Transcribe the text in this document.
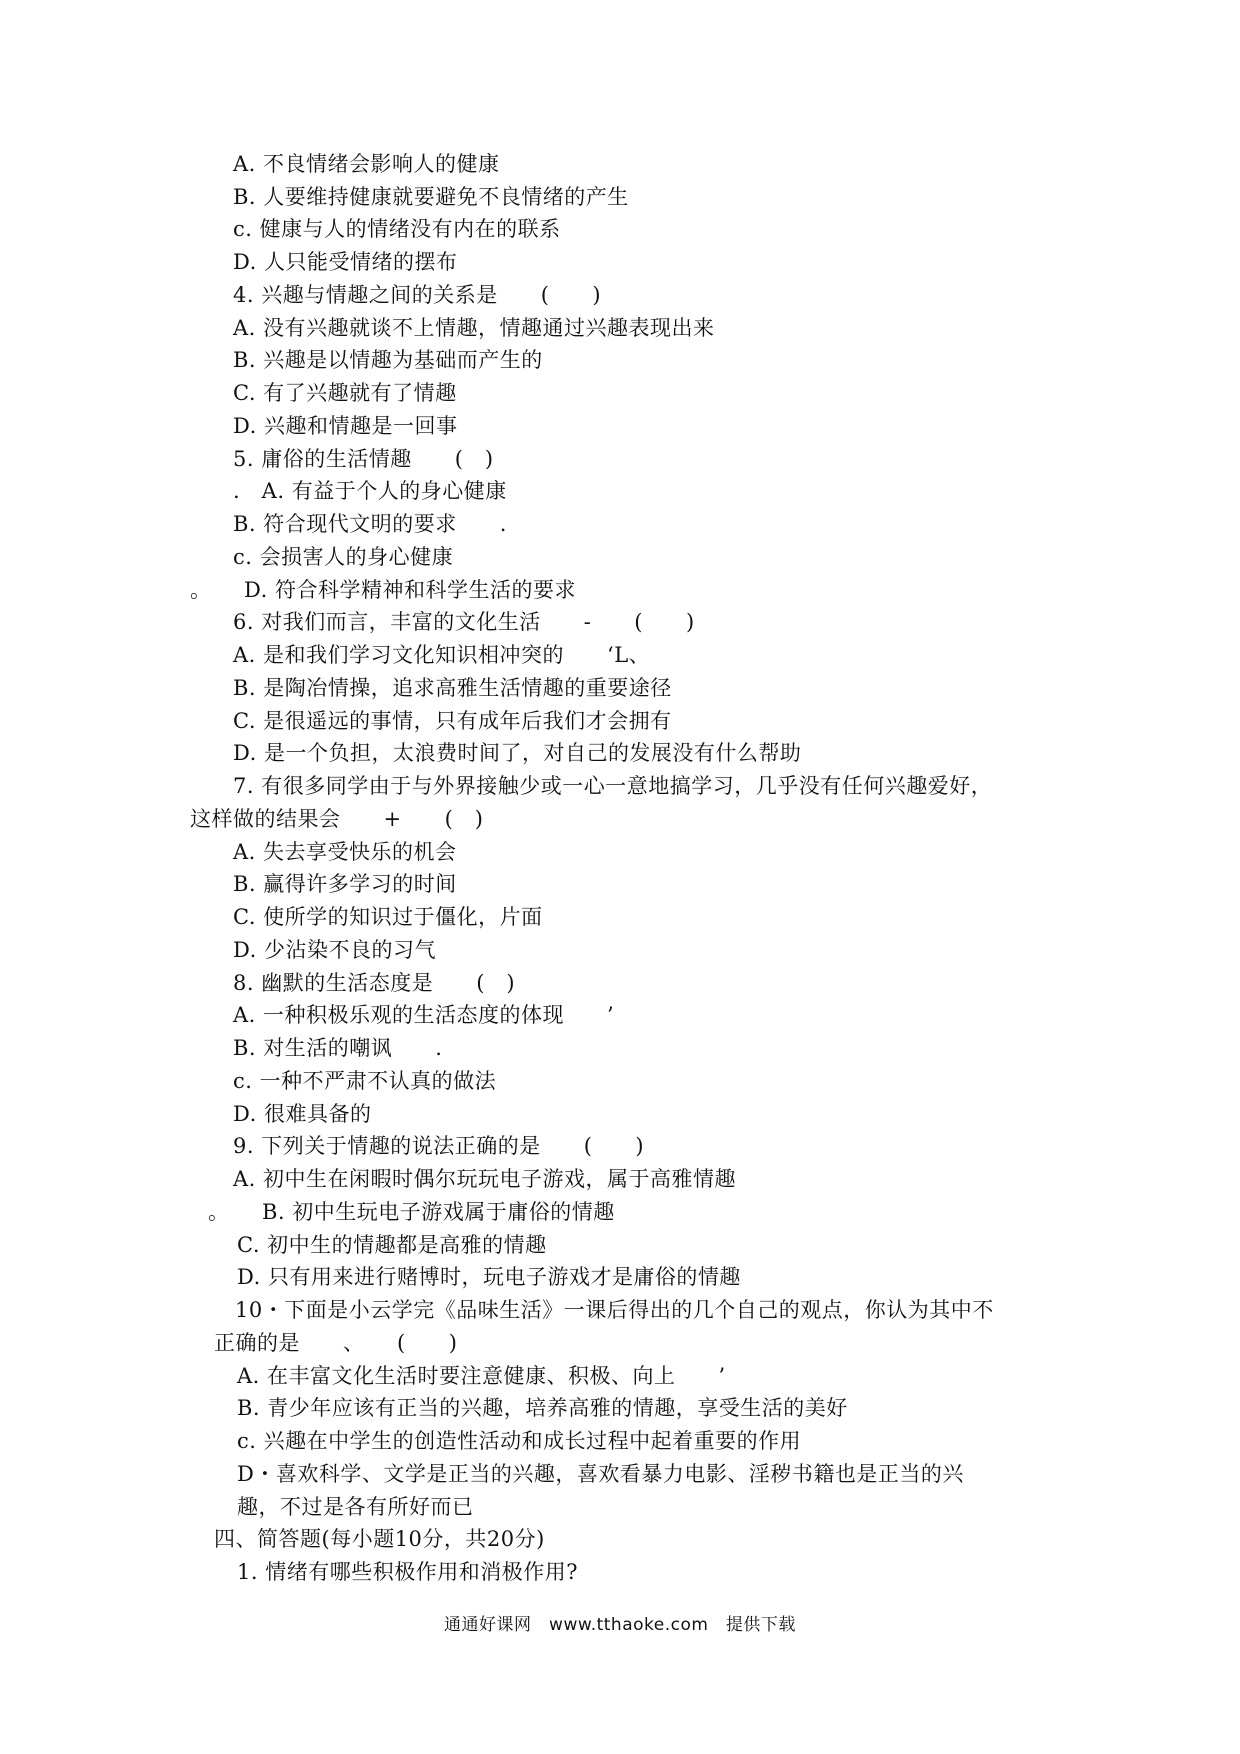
A. 不良情绪会影响人的健康
B. 人要维持健康就要避免不良情绪的产生
c. 健康与人的情绪没有内在的联系
D. 人只能受情绪的摆布
4. 兴趣与情趣之间的关系是　　(　　)
A. 没有兴趣就谈不上情趣，情趣通过兴趣表现出来
B. 兴趣是以情趣为基础而产生的
C. 有了兴趣就有了情趣
D. 兴趣和情趣是一回事
5. 庸俗的生活情趣　　(　)
.　A. 有益于个人的身心健康
B. 符合现代文明的要求　　.
c. 会损害人的身心健康
。　　D. 符合科学精神和科学生活的要求
6. 对我们而言，丰富的文化生活　　-　　(　　)
A. 是和我们学习文化知识相冲突的　　‘L、
B. 是陶冶情操，追求高雅生活情趣的重要途径
C. 是很遥远的事情，只有成年后我们才会拥有
D. 是一个负担，太浪费时间了，对自己的发展没有什么帮助
7. 有很多同学由于与外界接触少或一心一意地搞学习，几乎没有任何兴趣爱好，
这样做的结果会　　+　　(　)
A. 失去享受快乐的机会
B. 赢得许多学习的时间
C. 使所学的知识过于僵化，片面
D. 少沾染不良的习气
8. 幽默的生活态度是　　(　)
A. 一种积极乐观的生活态度的体现　　’
B. 对生活的嘲讽　　.
c. 一种不严肃不认真的做法
D. 很难具备的
9. 下列关于情趣的说法正确的是　　(　　)
A. 初中生在闲暇时偶尔玩玩电子游戏，属于高雅情趣
。　　B. 初中生玩电子游戏属于庸俗的情趣
C. 初中生的情趣都是高雅的情趣
D. 只有用来进行赌博时，玩电子游戏才是庸俗的情趣
10・下面是小云学完《品味生活》一课后得出的几个自己的观点，你认为其中不
正确的是　　、　　(　　)
A. 在丰富文化生活时要注意健康、积极、向上　　’
B. 青少年应该有正当的兴趣，培养高雅的情趣，享受生活的美好
c. 兴趣在中学生的创造性活动和成长过程中起着重要的作用
D・喜欢科学、文学是正当的兴趣，喜欢看暴力电影、淫秽书籍也是正当的兴
趣，不过是各有所好而已
四、简答题(每小题10分，共20分)
1. 情绪有哪些积极作用和消极作用?
通通好课网　www.tthaoke.com　提供下载
